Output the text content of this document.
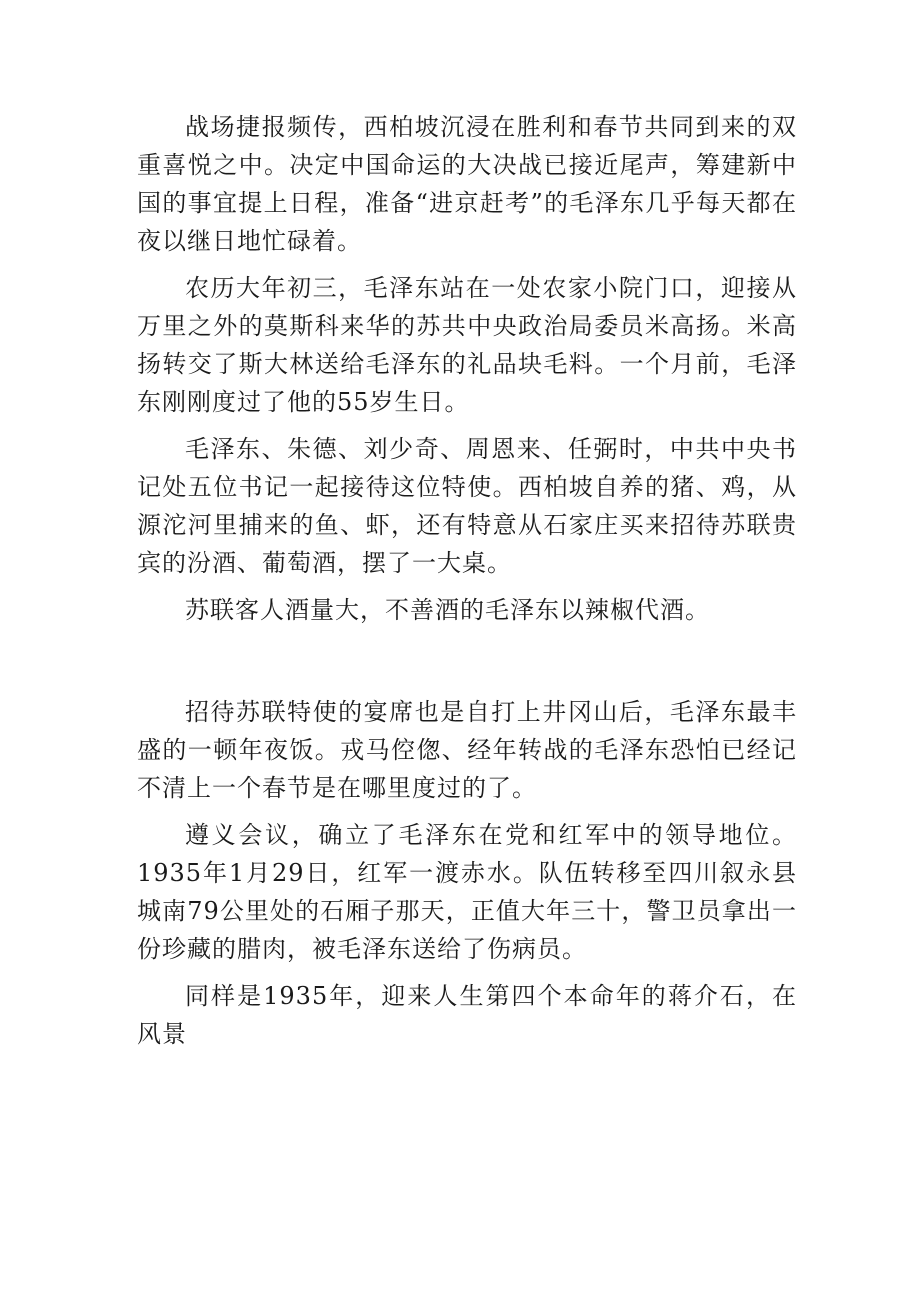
战场捷报频传，西柏坡沉浸在胜利和春节共同到来的双重喜悦之中。决定中国命运的大决战已接近尾声，筹建新中国的事宜提上日程，准备“进京赶考”的毛泽东几乎每天都在夜以继日地忙碌着。

农历大年初三，毛泽东站在一处农家小院门口，迎接从万里之外的莫斯科来华的苏共中央政治局委员米高扬。米高扬转交了斯大林送给毛泽东的礼品块毛料。一个月前，毛泽东刚刚度过了他的55岁生日。

毛泽东、朱德、刘少奇、周恩来、任弼时，中共中央书记处五位书记一起接待这位特使。西柏坡自养的猪、鸡，从源沱河里捕来的鱼、虾，还有特意从石家庄买来招待苏联贵宾的汾酒、葡萄酒，摆了一大桌。

苏联客人酒量大，不善酒的毛泽东以辣椒代酒。

招待苏联特使的宴席也是自打上井冈山后，毛泽东最丰盛的一顿年夜饭。戎马倥偬、经年转战的毛泽东恐怕已经记不清上一个春节是在哪里度过的了。

遵义会议，确立了毛泽东在党和红军中的领导地位。1935年1月29日，红军一渡赤水。队伍转移至四川叙永县城南79公里处的石厢子那天，正值大年三十，警卫员拿出一份珍藏的腊肉，被毛泽东送给了伤病员。

同样是1935年，迎来人生第四个本命年的蒋介石，在风景
